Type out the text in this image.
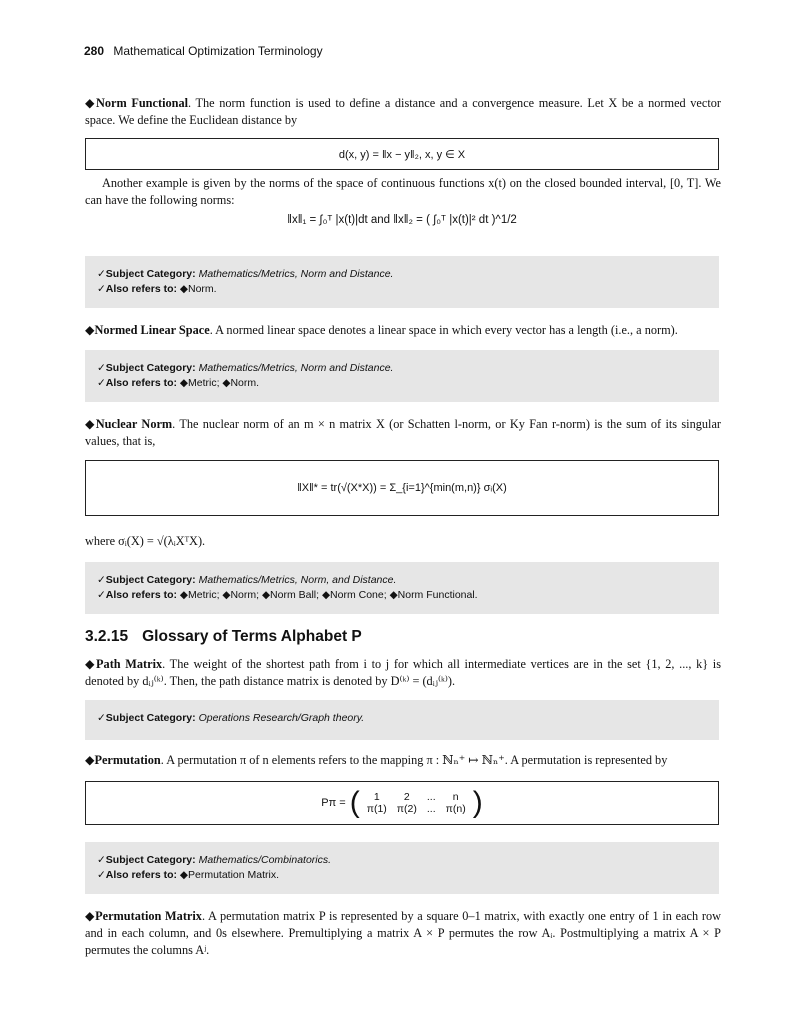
280 Mathematical Optimization Terminology
◆Norm Functional. The norm function is used to define a distance and a convergence measure. Let X be a normed vector space. We define the Euclidean distance by
d(x, y) = ‖x − y‖₂, x, y ∈ X
Another example is given by the norms of the space of continuous functions x(t) on the closed bounded interval, [0, T]. We can have the following norms:
‖x‖₁ = ∫₀ᵀ |x(t)|dt and ‖x‖₂ = ( ∫₀ᵀ |x(t)|² dt )^1/2
✓Subject Category: Mathematics/Metrics, Norm and Distance.
✓Also refers to: ◆Norm.
◆Normed Linear Space. A normed linear space denotes a linear space in which every vector has a length (i.e., a norm).
✓Subject Category: Mathematics/Metrics, Norm and Distance.
✓Also refers to: ◆Metric; ◆Norm.
◆Nuclear Norm. The nuclear norm of an m × n matrix X (or Schatten l-norm, or Ky Fan r-norm) is the sum of its singular values, that is,
‖X‖* = tr(√(X*X)) = Σ_{i=1}^{min(m,n)} σᵢ(X)
where σᵢ(X) = √(λᵢXᵀX).
✓Subject Category: Mathematics/Metrics, Norm, and Distance.
✓Also refers to: ◆Metric; ◆Norm; ◆Norm Ball; ◆Norm Cone; ◆Norm Functional.
3.2.15 Glossary of Terms Alphabet P
◆Path Matrix. The weight of the shortest path from i to j for which all intermediate vertices are in the set {1, 2, ..., k} is denoted by dᵢⱼ⁽ᵏ⁾. Then, the path distance matrix is denoted by D⁽ᵏ⁾ = (dᵢⱼ⁽ᵏ⁾).
✓Subject Category: Operations Research/Graph theory.
◆Permutation. A permutation π of n elements refers to the mapping π : ℕₙ⁺ ↦ ℕₙ⁺. A permutation is represented by
Pπ = ( 1	2	...	n
π(1)	π(2)	...	π(n) )
✓Subject Category: Mathematics/Combinatorics.
✓Also refers to: ◆Permutation Matrix.
◆Permutation Matrix. A permutation matrix P is represented by a square 0–1 matrix, with exactly one entry of 1 in each row and in each column, and 0s elsewhere. Premultiplying a matrix A × P permutes the row Aᵢ. Postmultiplying a matrix A × P permutes the columns Aʲ.
